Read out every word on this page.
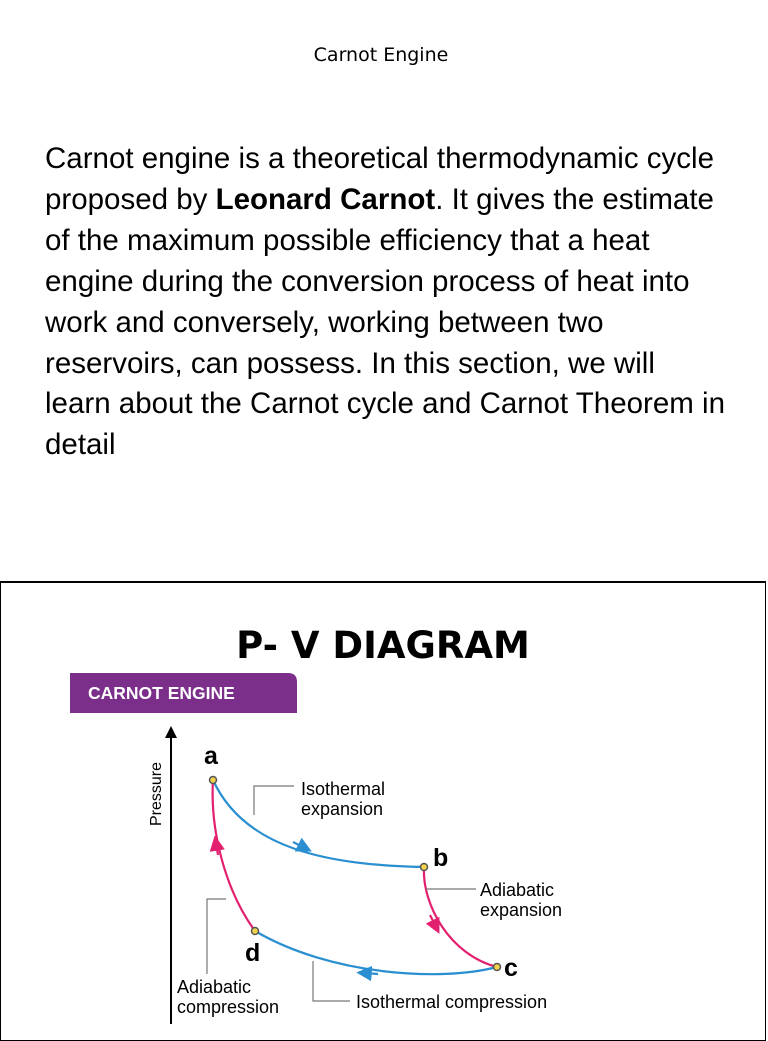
Carnot Engine
Carnot engine is a theoretical thermodynamic cycle proposed by Leonard Carnot. It gives the estimate of the maximum possible efficiency that a heat engine during the conversion process of heat into work and conversely, working between two reservoirs, can possess. In this section, we will learn about the Carnot cycle and Carnot Theorem in detail
P- V DIAGRAM
CARNOT ENGINE
Pressure
a
b
c
d
Isothermal
expansion
Adiabatic
expansion
Adiabatic
compression	Isothermal compression
